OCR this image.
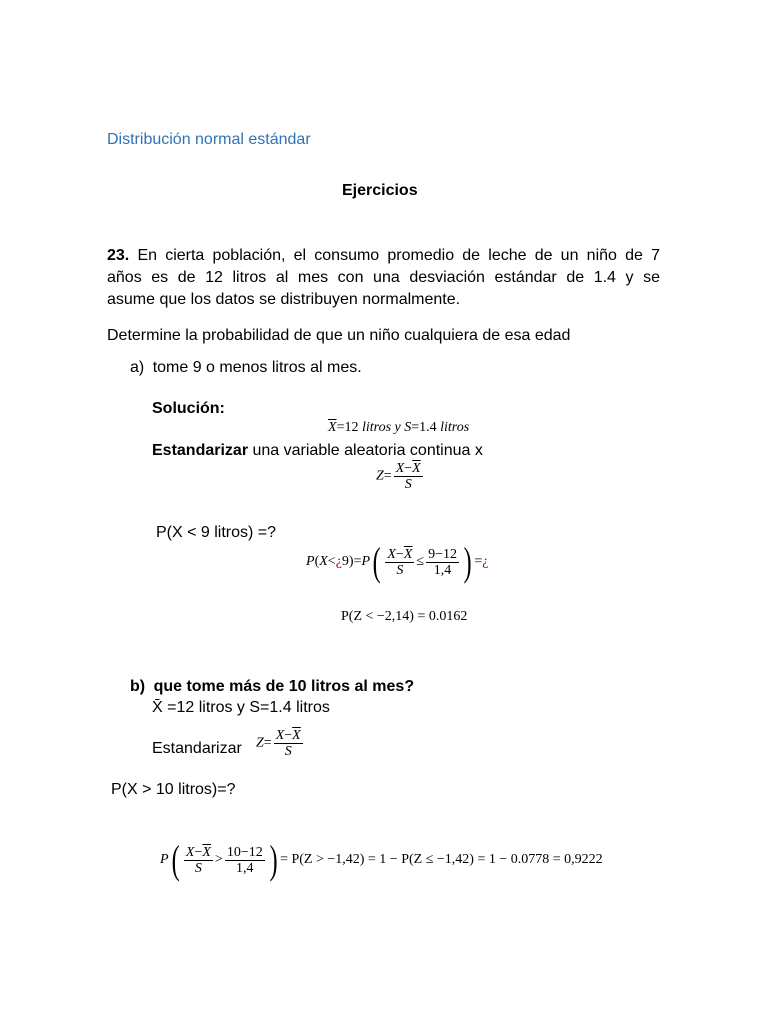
Distribución normal estándar
Ejercicios
23. En cierta población, el consumo promedio de leche de un niño de 7
años es de 12 litros al mes con una desviación estándar de 1.4 y se
asume que los datos se distribuyen normalmente.
Determine la probabilidad de que un niño cualquiera de esa edad
a) tome 9 o menos litros al mes.
Solución:
$\overline{X}=12$ litros y S=1.4 litros
Estandarizar una variable aleatoria continua x
$Z= \frac{X-\overline{X}}{S}$
P(X < 9 litros) =?
P(X<¿9)=P( $\frac{X-\overline{X}}{S} \le \frac{9-12}{1,4}$ ) =¿
P(Z < −2,14) = 0.0162
b) que tome más de 10 litros al mes?
X̄ =12 litros y S=1.4 litros
Estandarizar $Z= \frac{X-\overline{X}}{S}$
P(X > 10 litros)=?
$P( \frac{X-\overline{X}}{S} > \frac{10-12}{1,4}$ ) = P(Z > −1,42) = 1 − P(Z ≤ −1,42) = 1 − 0.0778 = 0,9222
